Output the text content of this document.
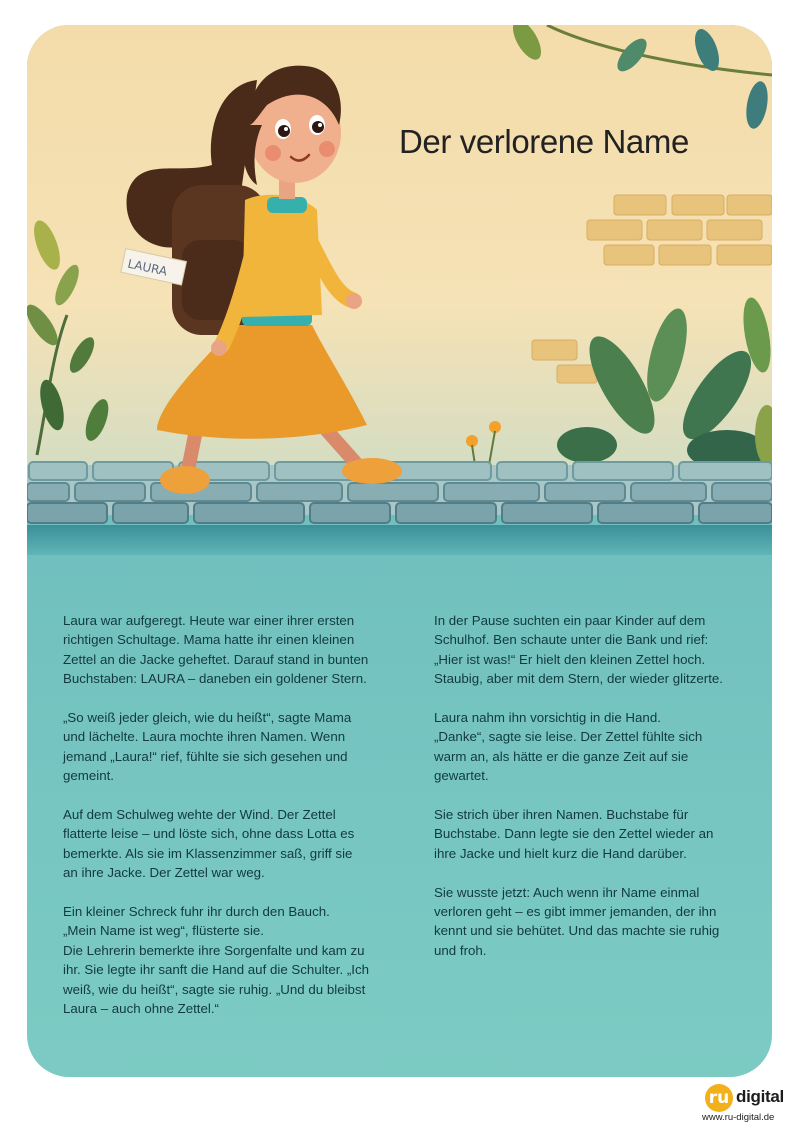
LAURA
Der verlorene Name

Laura war aufgeregt. Heute war einer ihrer ersten
richtigen Schultage. Mama hatte ihr einen kleinen
Zettel an die Jacke geheftet. Darauf stand in bunten
Buchstaben: LAURA – daneben ein goldener Stern.

„So weiß jeder gleich, wie du heißt“, sagte Mama
und lächelte. Laura mochte ihren Namen. Wenn
jemand „Laura!“ rief, fühlte sie sich gesehen und
gemeint.

Auf dem Schulweg wehte der Wind. Der Zettel
flatterte leise – und löste sich, ohne dass Lotta es
bemerkte. Als sie im Klassenzimmer saß, griff sie
an ihre Jacke. Der Zettel war weg.

Ein kleiner Schreck fuhr ihr durch den Bauch.
„Mein Name ist weg“, flüsterte sie.
Die Lehrerin bemerkte ihre Sorgenfalte und kam zu
ihr. Sie legte ihr sanft die Hand auf die Schulter. „Ich
weiß, wie du heißt“, sagte sie ruhig. „Und du bleibst
Laura – auch ohne Zettel.“

In der Pause suchten ein paar Kinder auf dem
Schulhof. Ben schaute unter die Bank und rief:
„Hier ist was!“ Er hielt den kleinen Zettel hoch.
Staubig, aber mit dem Stern, der wieder glitzerte.

Laura nahm ihn vorsichtig in die Hand.
„Danke“, sagte sie leise. Der Zettel fühlte sich
warm an, als hätte er die ganze Zeit auf sie
gewartet.

Sie strich über ihren Namen. Buchstabe für
Buchstabe. Dann legte sie den Zettel wieder an
ihre Jacke und hielt kurz die Hand darüber.

Sie wusste jetzt: Auch wenn ihr Name einmal
verloren geht – es gibt immer jemanden, der ihn
kennt und sie behütet. Und das machte sie ruhig
und froh.

ru digital
www.ru-digital.de
